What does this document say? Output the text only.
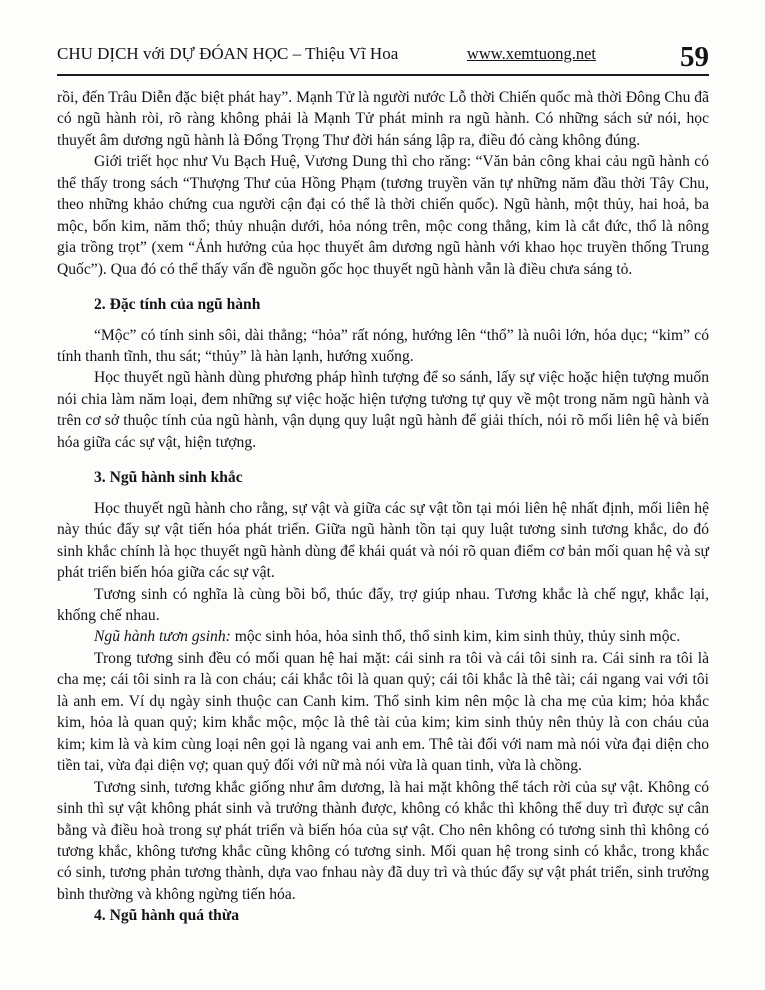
CHU DỊCH với DỰ ĐÓAN HỌC – Thiệu Vĩ Hoa	www.xemtuong.net	59

rồi, đến Trâu Diễn đặc biệt phát hay”. Mạnh Tử là người nước Lỗ thời Chiến quốc mà thời Đông Chu đã có ngũ hành ròi, rõ ràng không phải là Mạnh Tử phát minh ra ngũ hành. Có những sách sử nói, học thuyết âm dương ngũ hành là Đổng Trọng Thư đời hán sáng lập ra, điều đó càng không đúng.

Giới triết học như Vu Bạch Huệ, Vương Dung thì cho răng: “Văn bản công khai cảu ngũ hành có thể thấy trong sách “Thượng Thư của Hồng Phạm (tương truyền văn tự những năm đầu thời Tây Chu, theo những khảo chứng cua người cận đại có thể là thời chiến quốc). Ngũ hành, một thủy, hai hoả, ba mộc, bốn kim, năm thổ; thủy nhuận dưới, hỏa nóng trên, mộc cong thẳng, kim là cắt đức, thổ là nông gia trồng trọt” (xem “Ảnh hưởng của học thuyết âm dương ngũ hành với khao học truyền thống Trung Quốc”). Qua đó có thể thấy vấn đề nguồn gốc học thuyết ngũ hành vẫn là điều chưa sáng tỏ.

2. Đặc tính của ngũ hành

“Mộc” có tính sinh sôi, dài thẳng; “hỏa” rất nóng, hướng lên “thổ” là nuôi lớn, hóa dục; “kim” có tính thanh tĩnh, thu sát; “thủy” là hàn lạnh, hướng xuống.

Học thuyết ngũ hành dùng phương pháp hình tượng để so sánh, lấy sự việc hoặc hiện tượng muốn nói chia làm năm loại, đem những sự việc hoặc hiện tượng tương tự quy về một trong năm ngũ hành và trên cơ sở thuộc tính của ngũ hành, vận dụng quy luật ngũ hành để giải thích, nói rõ mối liên hệ và biến hóa giữa các sự vật, hiện tượng.

3. Ngũ hành sinh khắc

Học thuyết ngũ hành cho rằng, sự vật và giữa các sự vật tồn tại mói liên hệ nhất định, mối liên hệ này thúc đẩy sự vật tiến hóa phát triển. Giữa ngũ hành tồn tại quy luật tương sinh tương khắc, do đó sinh khắc chính là học thuyết ngũ hành dùng để khái quát và nói rõ quan điểm cơ bản mối quan hệ và sự phát triển biến hóa giữa các sự vật.

Tương sinh có nghĩa là cùng bồi bổ, thúc đẩy, trợ giúp nhau. Tương khắc là chế ngự, khắc lại, khống chế nhau.

Ngũ hành tươn gsinh: mộc sinh hỏa, hỏa sinh thổ, thổ sinh kim, kim sinh thủy, thủy sinh mộc.

Trong tương sinh đều có mối quan hệ hai mặt: cái sinh ra tôi và cái tôi sinh ra. Cái sinh ra tôi là cha mẹ; cái tôi sinh ra là con cháu; cái khắc tôi là quan quỷ; cái tôi khắc là thê tài; cái ngang vai với tôi là anh em. Ví dụ ngày sinh thuộc can Canh kim. Thổ sinh kim nên mộc là cha mẹ của kim; hỏa khắc kim, hỏa là quan quỷ; kim khắc mộc, mộc là thê tài của kim; kim sinh thủy nên thủy là con cháu của kim; kim là và kim cùng loại nên gọi là ngang vai anh em. Thê tài đối với nam mà nói vừa đại diện cho tiền tai, vừa đại diện vợ; quan quỷ đối với nữ mà nói vừa là quan tinh, vừa là chồng.

Tương sinh, tương khắc giống như âm dương, là hai mặt không thể tách rời của sự vật. Không có sinh thì sự vật không phát sinh và trưởng thành được, không có khắc thì không thể duy trì được sự cân bằng và điều hoà trong sự phát triển và biến hóa của sự vật. Cho nên không có tương sinh thì không có tương khắc, không tương khắc cũng không có tương sinh. Mối quan hệ trong sinh có khắc, trong khắc có sinh, tương phản tương thành, dựa vao fnhau này đã duy trì và thúc đẩy sự vật phát triển, sinh trưởng bình thường và không ngừng tiến hóa.

4. Ngũ hành quá thừa
